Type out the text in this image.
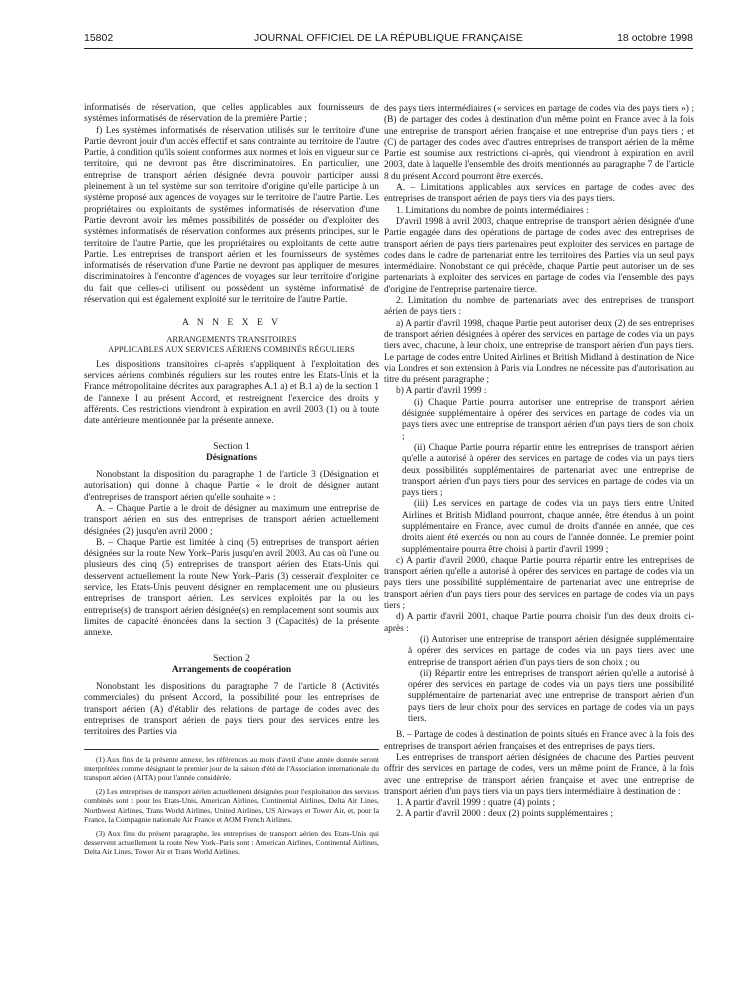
15802	JOURNAL OFFICIEL DE LA RÉPUBLIQUE FRANÇAISE	18 octobre 1998

informatisés de réservation, que celles applicables aux fournisseurs de systèmes informatisés de réservation de la première Partie ;

f) Les systèmes informatisés de réservation utilisés sur le territoire d'une Partie devront jouir d'un accès effectif et sans contrainte au territoire de l'autre Partie, à condition qu'ils soient conformes aux normes et lois en vigueur sur ce territoire, qui ne devront pas être discriminatoires. En particulier, une entreprise de transport aérien désignée devra pouvoir participer aussi pleinement à un tel système sur son territoire d'origine qu'elle participe à un système proposé aux agences de voyages sur le territoire de l'autre Partie. Les propriétaires ou exploitants de systèmes informatisés de réservation d'une Partie devront avoir les mêmes possibilités de posséder ou d'exploiter des systèmes informatisés de réservation conformes aux présents principes, sur le territoire de l'autre Partie, que les propriétaires ou exploitants de cette autre Partie. Les entreprises de transport aérien et les fournisseurs de systèmes informatisés de réservation d'une Partie ne devront pas appliquer de mesures discriminatoires à l'encontre d'agences de voyages sur leur territoire d'origine du fait que celles-ci utilisent ou possèdent un système informatisé de réservation qui est également exploité sur le territoire de l'autre Partie.

A N N E X E V

ARRANGEMENTS TRANSITOIRES

APPLICABLES AUX SERVICES AÉRIENS COMBINÉS RÉGULIERS

Les dispositions transitoires ci-après s'appliquent à l'exploitation des services aériens combinés réguliers sur les routes entre les Etats-Unis et la France métropolitaine décrites aux paragraphes A.1 a) et B.1 a) de la section 1 de l'annexe I au présent Accord, et restreignent l'exercice des droits y afférents. Ces restrictions viendront à expiration en avril 2003 (1) ou à toute date antérieure mentionnée par la présente annexe.

Section 1

Désignations

Nonobstant la disposition du paragraphe 1 de l'article 3 (Désignation et autorisation) qui donne à chaque Partie « le droit de désigner autant d'entreprises de transport aérien qu'elle souhaite » :

A. – Chaque Partie a le droit de désigner au maximum une entreprise de transport aérien en sus des entreprises de transport aérien actuellement désignées (2) jusqu'en avril 2000 ;

B. – Chaque Partie est limitée à cinq (5) entreprises de transport aérien désignées sur la route New York–Paris jusqu'en avril 2003. Au cas où l'une ou plusieurs des cinq (5) entreprises de transport aérien des Etats-Unis qui desservent actuellement la route New York–Paris (3) cesserait d'exploiter ce service, les Etats-Unis peuvent désigner en remplacement une ou plusieurs entreprises de transport aérien. Les services exploités par la ou les entreprise(s) de transport aérien désignée(s) en remplacement sont soumis aux limites de capacité énoncées dans la section 3 (Capacités) de la présente annexe.

Section 2

Arrangements de coopération

Nonobstant les dispositions du paragraphe 7 de l'article 8 (Activités commerciales) du présent Accord, la possibilité pour les entreprises de transport aérien (A) d'établir des relations de partage de codes avec des entreprises de transport aérien de pays tiers pour des services entre les territoires des Parties via

(1) Aux fins de la présente annexe, les références au mois d'avril d'une année donnée seront interprétées comme désignant le premier jour de la saison d'été de l'Association internationale du transport aérien (AITA) pour l'année considérée.

(2) Les entreprises de transport aérien actuellement désignées pour l'exploitation des services combinés sont : pour les Etats-Unis, American Airlines, Continental Airlines, Delta Air Lines, Northwest Airlines, Trans World Airlines, United Airlines, US Airways et Tower Air, et, pour la France, la Compagnie nationale Air France et AOM French Airlines.

(3) Aux fins du présent paragraphe, les entreprises de transport aérien des Etats-Unis qui desservent actuellement la route New York–Paris sont : American Airlines, Continental Airlines, Delta Air Lines, Tower Air et Trans World Airlines.

des pays tiers intermédiaires (« services en partage de codes via des pays tiers ») ; (B) de partager des codes à destination d'un même point en France avec à la fois une entreprise de transport aérien française et une entreprise d'un pays tiers ; et (C) de partager des codes avec d'autres entreprises de transport aérien de la même Partie est soumise aux restrictions ci-après, qui viendront à expiration en avril 2003, date à laquelle l'ensemble des droits mentionnés au paragraphe 7 de l'article 8 du présent Accord pourront être exercés.

A. – Limitations applicables aux services en partage de codes avec des entreprises de transport aérien de pays tiers via des pays tiers.

1. Limitations du nombre de points intermédiaires :

D'avril 1998 à avril 2003, chaque entreprise de transport aérien désignée d'une Partie engagée dans des opérations de partage de codes avec des entreprises de transport aérien de pays tiers partenaires peut exploiter des services en partage de codes dans le cadre de partenariat entre les territoires des Parties via un seul pays intermédiaire. Nonobstant ce qui précède, chaque Partie peut autoriser un de ses partenariats à exploiter des services en partage de codes via l'ensemble des pays d'origine de l'entreprise partenaire tierce.

2. Limitation du nombre de partenariats avec des entreprises de transport aérien de pays tiers :

a) A partir d'avril 1998, chaque Partie peut autoriser deux (2) de ses entreprises de transport aérien désignées à opérer des services en partage de codes via un pays tiers avec, chacune, à leur choix, une entreprise de transport aérien d'un pays tiers. Le partage de codes entre United Airlines et British Midland à destination de Nice via Londres et son extension à Paris via Londres ne nécessite pas d'autorisation au titre du présent paragraphe ;

b) A partir d'avril 1999 :

(i) Chaque Partie pourra autoriser une entreprise de transport aérien désignée supplémentaire à opérer des services en partage de codes via un pays tiers avec une entreprise de transport aérien d'un pays tiers de son choix ;

(ii) Chaque Partie pourra répartir entre les entreprises de transport aérien qu'elle a autorisé à opérer des services en partage de codes via un pays tiers deux possibilités supplémentaires de partenariat avec une entreprise de transport aérien d'un pays tiers pour des services en partage de codes via un pays tiers ;

(iii) Les services en partage de codes via un pays tiers entre United Airlines et British Midland pourront, chaque année, être étendus à un point supplémentaire en France, avec cumul de droits d'année en année, que ces droits aient été exercés ou non au cours de l'année donnée. Le premier point supplémentaire pourra être choisi à partir d'avril 1999 ;

c) A partir d'avril 2000, chaque Partie pourra répartir entre les entreprises de transport aérien qu'elle a autorisé à opérer des services en partage de codes via un pays tiers une possibilité supplémentaire de partenariat avec une entreprise de transport aérien d'un pays tiers pour des services en partage de codes via un pays tiers ;

d) A partir d'avril 2001, chaque Partie pourra choisir l'un des deux droits ci-après :

(i) Autoriser une entreprise de transport aérien désignée supplémentaire à opérer des services en partage de codes via un pays tiers avec une entreprise de transport aérien d'un pays tiers de son choix ; ou

(ii) Répartir entre les entreprises de transport aérien qu'elle a autorisé à opérer des services en partage de codes via un pays tiers une possibilité supplémentaire de partenariat avec une entreprise de transport aérien d'un pays tiers de leur choix pour des services en partage de codes via un pays tiers.

B. – Partage de codes à destination de points situés en France avec à la fois des entreprises de transport aérien françaises et des entreprises de pays tiers.

Les entreprises de transport aérien désignées de chacune des Parties peuvent offrir des services en partage de codes, vers un même point de France, à la fois avec une entreprise de transport aérien française et avec une entreprise de transport aérien d'un pays tiers via un pays tiers intermédiaire à destination de :

1. A partir d'avril 1999 : quatre (4) points ;

2. A partir d'avril 2000 : deux (2) points supplémentaires ;
